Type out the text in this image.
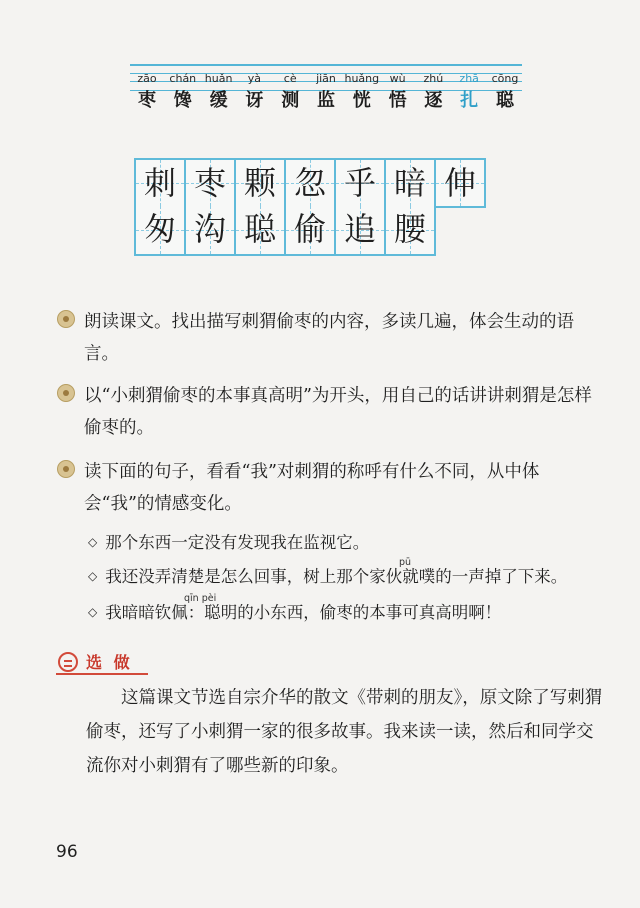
zāo
枣
chán
馋
huǎn
缓
yà
讶
cè
测
jiān
监
huǎng
恍
wù
悟
zhú
逐
zhā
扎
cōng
聪
刺 枣 颗 忽 乎 暗 伸
匆 沟 聪 偷 追 腰
朗读课文。找出描写刺猬偷枣的内容，多读几遍，体会生动的语言。
以“小刺猬偷枣的本事真高明”为开头，用自己的话讲讲刺猬是怎样偷枣的。
读下面的句子，看看“我”对刺猬的称呼有什么不同，从中体会“我”的情感变化。
◇ 那个东西一定没有发现我在监视它。
pū
◇ 我还没弄清楚是怎么回事，树上那个家伙就噗的一声掉了下来。
qīn pèi
◇ 我暗暗钦佩：聪明的小东西，偷枣的本事可真高明啊！
选 做
这篇课文节选自宗介华的散文《带刺的朋友》，原文除了写刺猬偷枣，还写了小刺猬一家的很多故事。我来读一读，然后和同学交流你对小刺猬有了哪些新的印象。
96
